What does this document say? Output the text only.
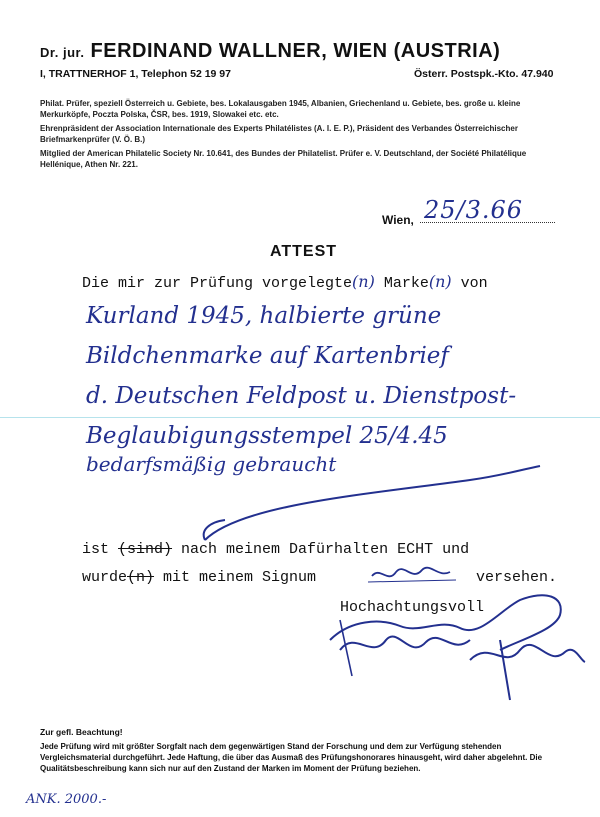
Dr. jur. FERDINAND WALLNER, WIEN (AUSTRIA)
I, TRATTNERHOF 1, Telephon 52 19 97	Österr. Postspk.-Kto. 47.940
Philat. Prüfer, speziell Österreich u. Gebiete, bes. Lokalausgaben 1945, Albanien, Griechenland u. Gebiete, bes. große u. kleine Merkurköpfe, Poczta Polska, ČSR, bes. 1919, Slowakei etc. etc.
Ehrenpräsident der Association Internationale des Experts Philatélistes (A. I. E. P.), Präsident des Verbandes Österreichischer Briefmarkenprüfer (V. Ö. B.)
Mitglied der American Philatelic Society Nr. 10.641, des Bundes der Philatelist. Prüfer e. V. Deutschland, der Société Philatélique Hellénique, Athen Nr. 221.
Wien, 25/3.66
ATTEST
Die mir zur Prüfung vorgelegte(n) Marke(n) von
Kurland 1945, halbierte grüne
Bildchenmarke auf Kartenbrief
d. Deutschen Feldpost u. Dienstpost-
Beglaubigungsstempel 25/4.45
bedarfsmäßig gebraucht
ist (sind) nach meinem Dafürhalten ECHT und
wurde(n) mit meinem Signum	versehen.
Hochachtungsvoll
Zur gefl. Beachtung!
Jede Prüfung wird mit größter Sorgfalt nach dem gegenwärtigen Stand der Forschung und dem zur Verfügung stehenden Vergleichsmaterial durchgeführt. Jede Haftung, die über das Ausmaß des Prüfungshonorares hinausgeht, wird daher abgelehnt. Die Qualitätsbeschreibung kann sich nur auf den Zustand der Marken im Moment der Prüfung beziehen.
ANK. 2000.-
